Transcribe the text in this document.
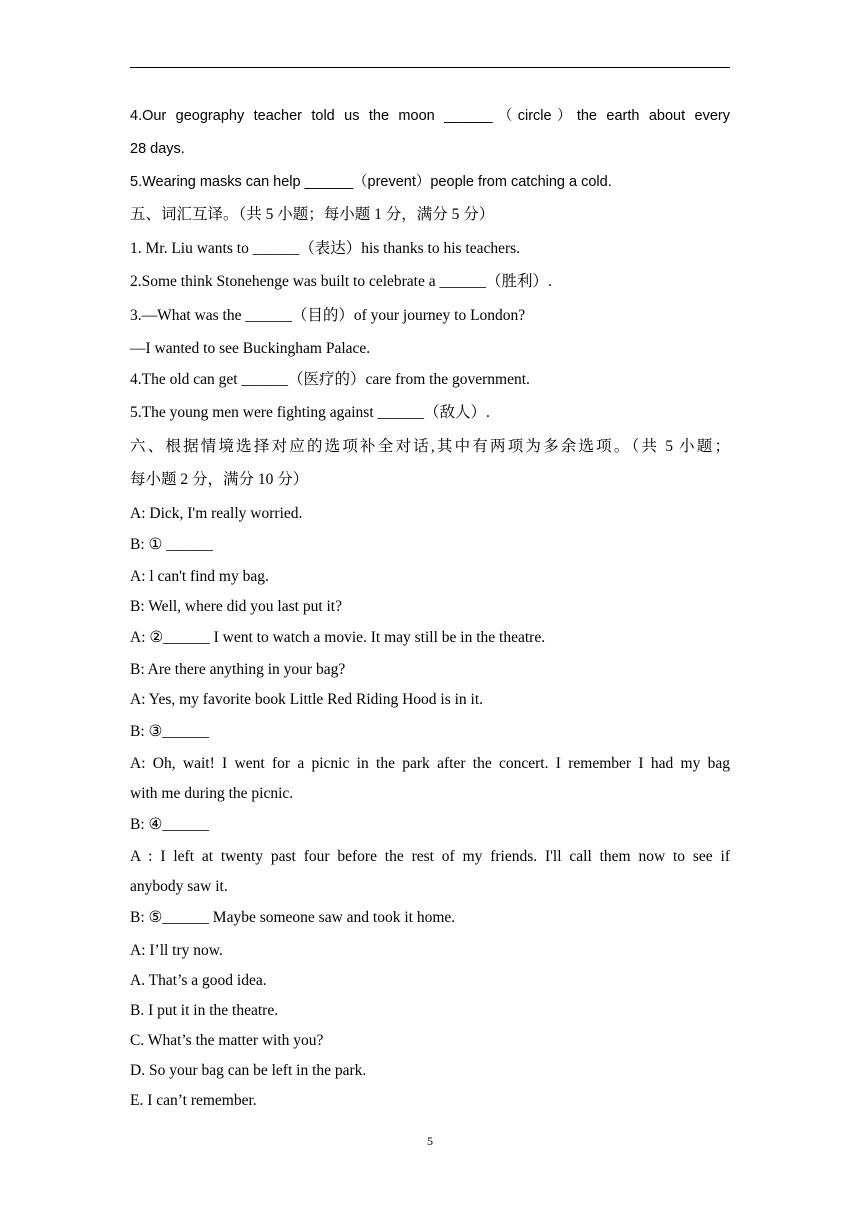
4.Our geography teacher told us the moon ______（circle）the earth about every
28 days.
5.Wearing masks can help ______（prevent）people from catching a cold.
五、词汇互译。（共 5 小题；每小题 1 分，满分 5 分）
1. Mr. Liu wants to ______（表达）his thanks to his teachers.
2.Some think Stonehenge was built to celebrate a ______（胜利）.
3.—What was the ______（目的）of your journey to London?
—I wanted to see Buckingham Palace.
4.The old can get ______（医疗的）care from the government.
5.The young men were fighting against ______（敌人）.
六、根据情境选择对应的选项补全对话,其中有两项为多余选项。（共 5 小题；
每小题 2 分，满分 10 分）
A: Dick, I'm really worried.
B: ① ______
A: l can't find my bag.
B: Well, where did you last put it?
A: ②______ I went to watch a movie. It may still be in the theatre.
B: Are there anything in your bag?
A: Yes, my favorite book Little Red Riding Hood is in it.
B: ③______
A: Oh, wait! I went for a picnic in the park after the concert. I remember I had my bag
with me during the picnic.
B: ④______
A : I left at twenty past four before the rest of my friends. I'll call them now to see if
anybody saw it.
B: ⑤______ Maybe someone saw and took it home.
A: I’ll try now.
A. That’s a good idea.
B. I put it in the theatre.
C. What’s the matter with you?
D. So your bag can be left in the park.
E. I can’t remember.
5
